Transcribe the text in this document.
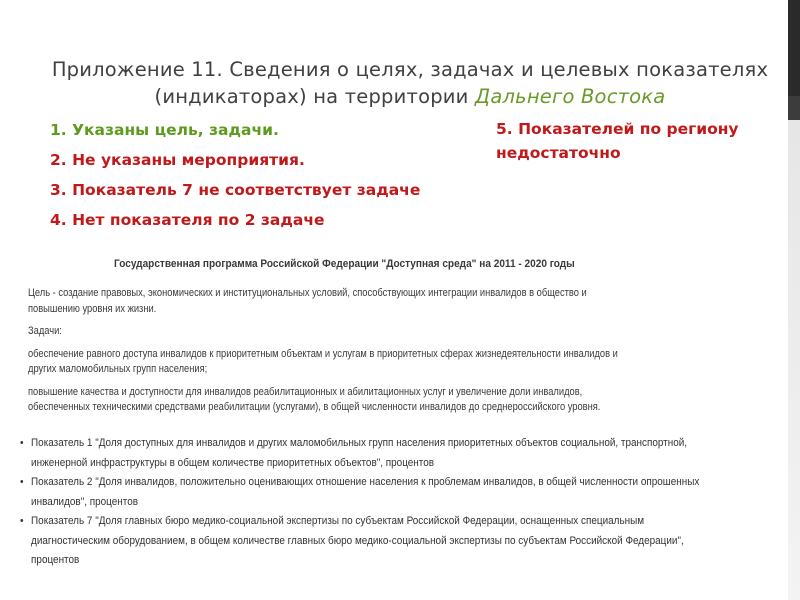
Приложение 11. Сведения о целях, задачах и целевых показателях (индикаторах) на территории Дальнего Востока
1. Указаны цель, задачи.
2. Не указаны мероприятия.
3. Показатель 7 не соответствует задаче
4. Нет показателя по 2 задаче
5. Показателей по региону недостаточно
Государственная программа Российской Федерации "Доступная среда" на 2011 - 2020 годы

Цель - создание правовых, экономических и институциональных условий, способствующих интеграции инвалидов в общество и

повышению уровня их жизни.

Задачи:

обеспечение равного доступа инвалидов к приоритетным объектам и услугам в приоритетных сферах жизнедеятельности инвалидов и

других маломобильных групп населения;

повышение качества и доступности для инвалидов реабилитационных и абилитационных услуг и увеличение доли инвалидов,

обеспеченных техническими средствами реабилитации (услугами), в общей численности инвалидов до среднероссийского уровня.

• Показатель 1 "Доля доступных для инвалидов и других маломобильных групп населения приоритетных объектов социальной, транспортной,
инженерной инфраструктуры в общем количестве приоритетных объектов", процентов
• Показатель 2 "Доля инвалидов, положительно оценивающих отношение населения к проблемам инвалидов, в общей численности опрошенных
инвалидов", процентов
• Показатель 7 "Доля главных бюро медико-социальной экспертизы по субъектам Российской Федерации, оснащенных специальным
диагностическим оборудованием, в общем количестве главных бюро медико-социальной экспертизы по субъектам Российской Федерации",
процентов
